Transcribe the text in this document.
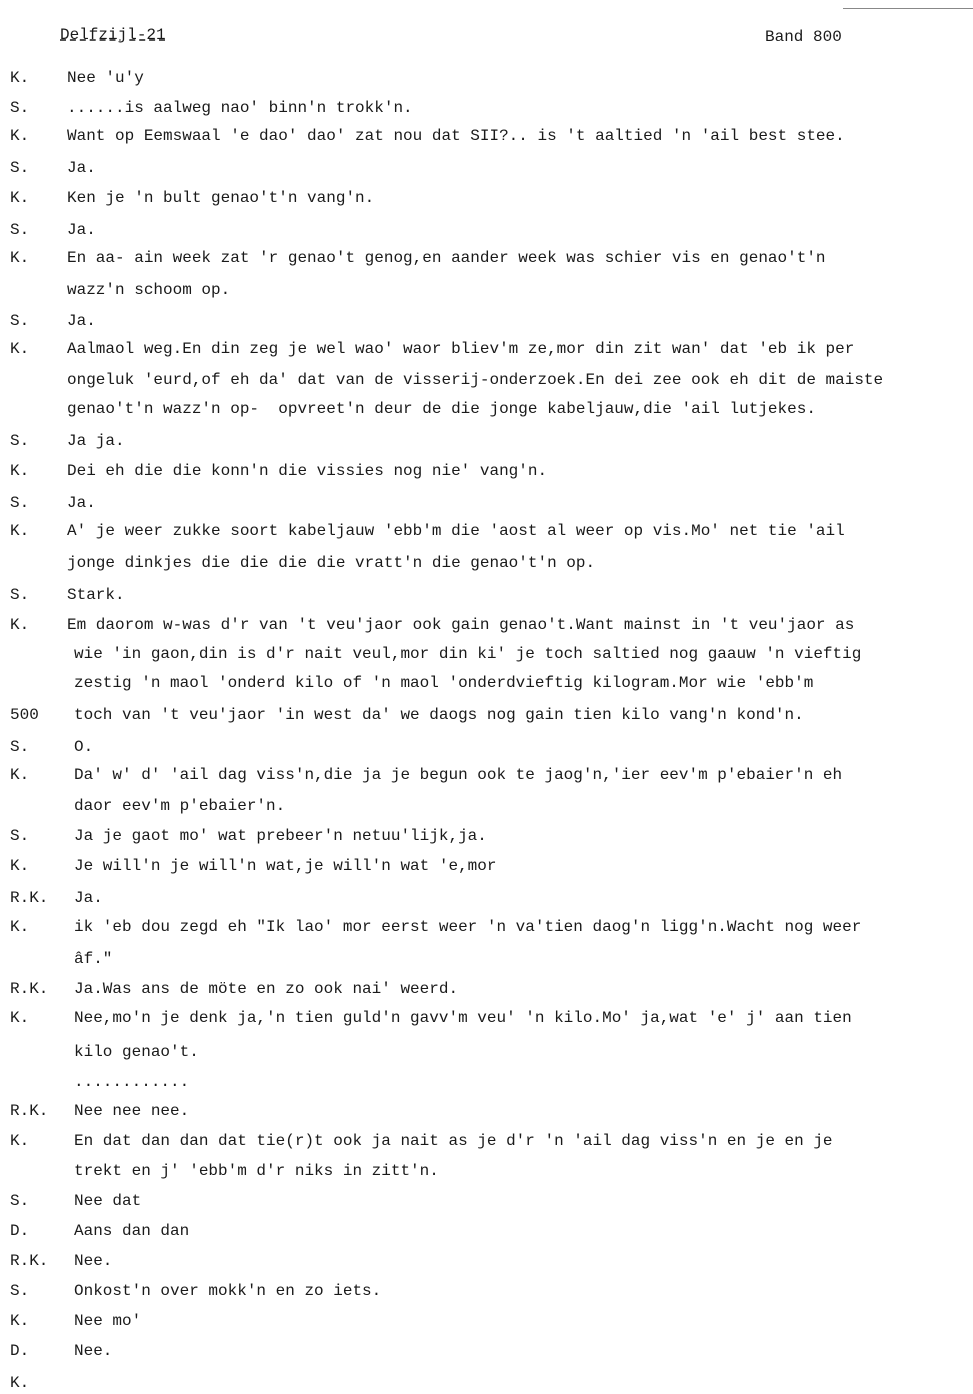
Delfzijl-21	Band 800
K. Nee 'u'y
S. ......is aalweg nao' binn'n trokk'n.
K. Want op Eemswaal 'e dao' dao' zat nou dat SII?.. is 't aaltied 'n 'ail best stee.
S. Ja.
K. Ken je 'n bult genao't'n vang'n.
S. Ja.
K. En aa- ain week zat 'r genao't genog,en aander week was schier vis en genao't'n
wazz'n schoom op.
S. Ja.
K. Aalmaol weg.En din zeg je wel wao' waor bliev'm ze,mor din zit wan' dat 'eb ik per
ongeluk 'eurd,of eh da' dat van de visserij-onderzoek.En dei zee ook eh dit de maiste
genao't'n wazz'n op-  opvreet'n deur de die jonge kabeljauw,die 'ail lutjekes.
S. Ja ja.
K. Dei eh die die konn'n die vissies nog nie' vang'n.
S. Ja.
K. A' je weer zukke soort kabeljauw 'ebb'm die 'aost al weer op vis.Mo' net tie 'ail
jonge dinkjes die die die die vratt'n die genao't'n op.
S. Stark.
K. Em daorom w-was d'r van 't veu'jaor ook gain genao't.Want mainst in 't veu'jaor as
wie 'in gaon,din is d'r nait veul,mor din ki' je toch saltied nog gaauw 'n vieftig
zestig 'n maol 'onderd kilo of 'n maol 'onderdvieftig kilogram.Mor wie 'ebb'm
500 toch van 't veu'jaor 'in west da' we daogs nog gain tien kilo vang'n kond'n.
S.	O.
K.	Da' w' d' 'ail dag viss'n,die ja je begun ook te jaog'n,'ier eev'm p'ebaier'n eh
daor eev'm p'ebaier'n.
S.	Ja je gaot mo' wat prebeer'n netuu'lijk,ja.
K.	Je will'n je will'n wat,je will'n wat 'e,mor
R.K. Ja.
K.	ik 'eb dou zegd eh "Ik lao' mor eerst weer 'n va'tien daog'n ligg'n.Wacht nog weer
âf."
R.K. Ja.Was ans de möte en zo ook nai' weerd.
K.	Nee,mo'n je denk ja,'n tien guld'n gavv'm veu' 'n kilo.Mo' ja,wat 'e' j' aan tien
kilo genao't.
............
R.K. Nee nee nee.
K.	En dat dan dan dat tie(r)t ook ja nait as je d'r 'n 'ail dag viss'n en je en je
trekt en j' 'ebb'm d'r niks in zitt'n.
S.	Nee dat
D.	Aans dan dan
R.K. Nee.
S.	Onkost'n over mokk'n en zo iets.
K.	Nee mo'
D.	Nee.
K.
